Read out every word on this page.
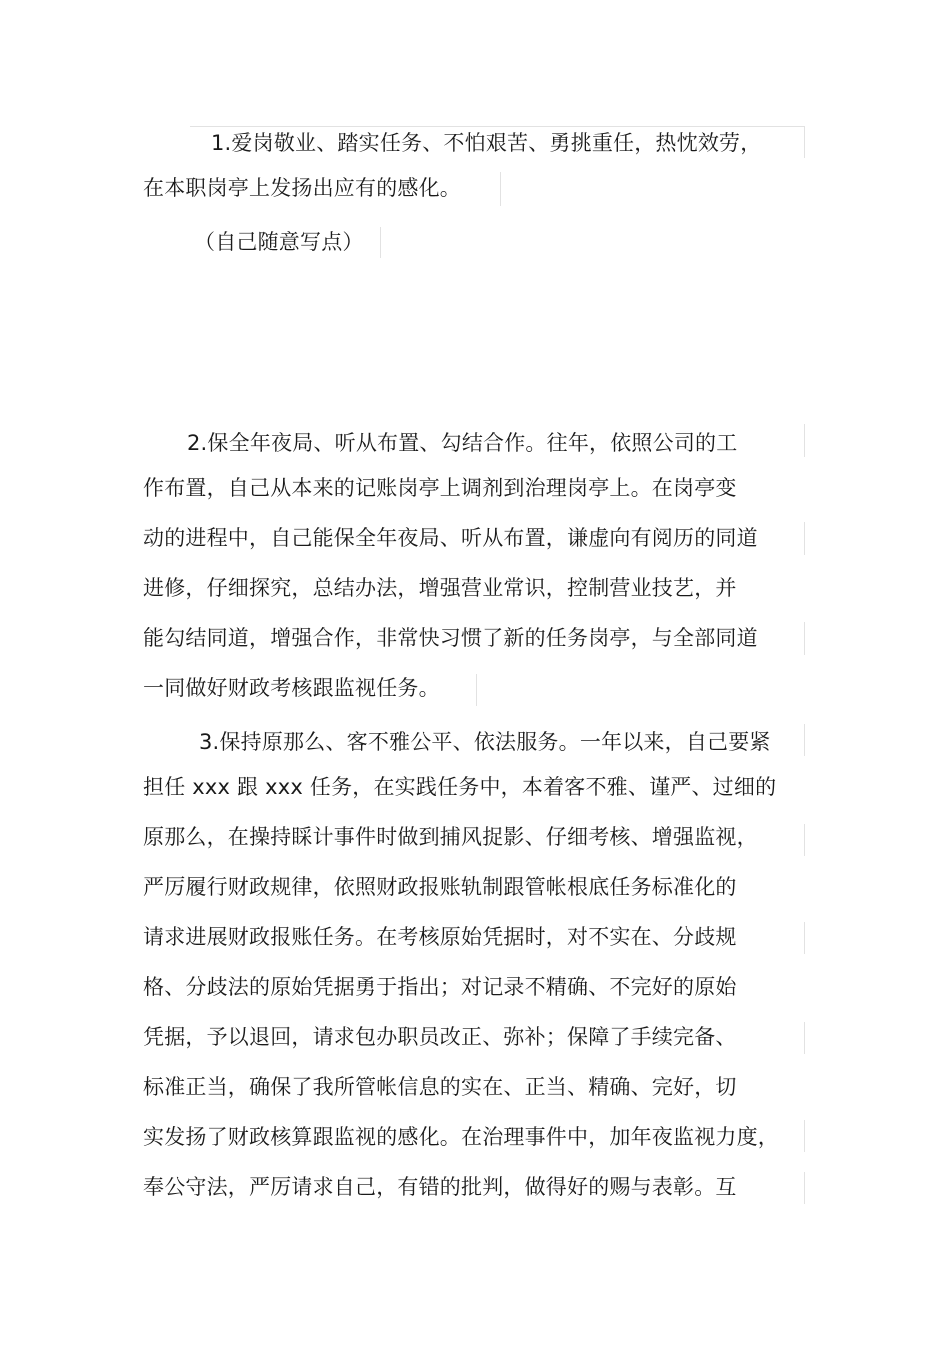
1.爱岗敬业、踏实任务、不怕艰苦、勇挑重任，热忱效劳，
在本职岗亭上发扬出应有的感化。
（自己随意写点）
2.保全年夜局、听从布置、勾结合作。往年，依照公司的工
作布置，自己从本来的记账岗亭上调剂到治理岗亭上。在岗亭变
动的进程中，自己能保全年夜局、听从布置，谦虚向有阅历的同道
进修，仔细探究，总结办法，增强营业常识，控制营业技艺，并
能勾结同道，增强合作，非常快习惯了新的任务岗亭，与全部同道
一同做好财政考核跟监视任务。
3.保持原那么、客不雅公平、依法服务。一年以来，自己要紧
担任 xxx 跟 xxx 任务，在实践任务中，本着客不雅、谨严、过细的
原那么，在操持睬计事件时做到捕风捉影、仔细考核、增强监视，
严厉履行财政规律，依照财政报账轨制跟管帐根底任务标准化的
请求进展财政报账任务。在考核原始凭据时，对不实在、分歧规
格、分歧法的原始凭据勇于指出；对记录不精确、不完好的原始
凭据，予以退回，请求包办职员改正、弥补；保障了手续完备、
标准正当，确保了我所管帐信息的实在、正当、精确、完好，切
实发扬了财政核算跟监视的感化。在治理事件中，加年夜监视力度，
奉公守法，严厉请求自己，有错的批判，做得好的赐与表彰。互
